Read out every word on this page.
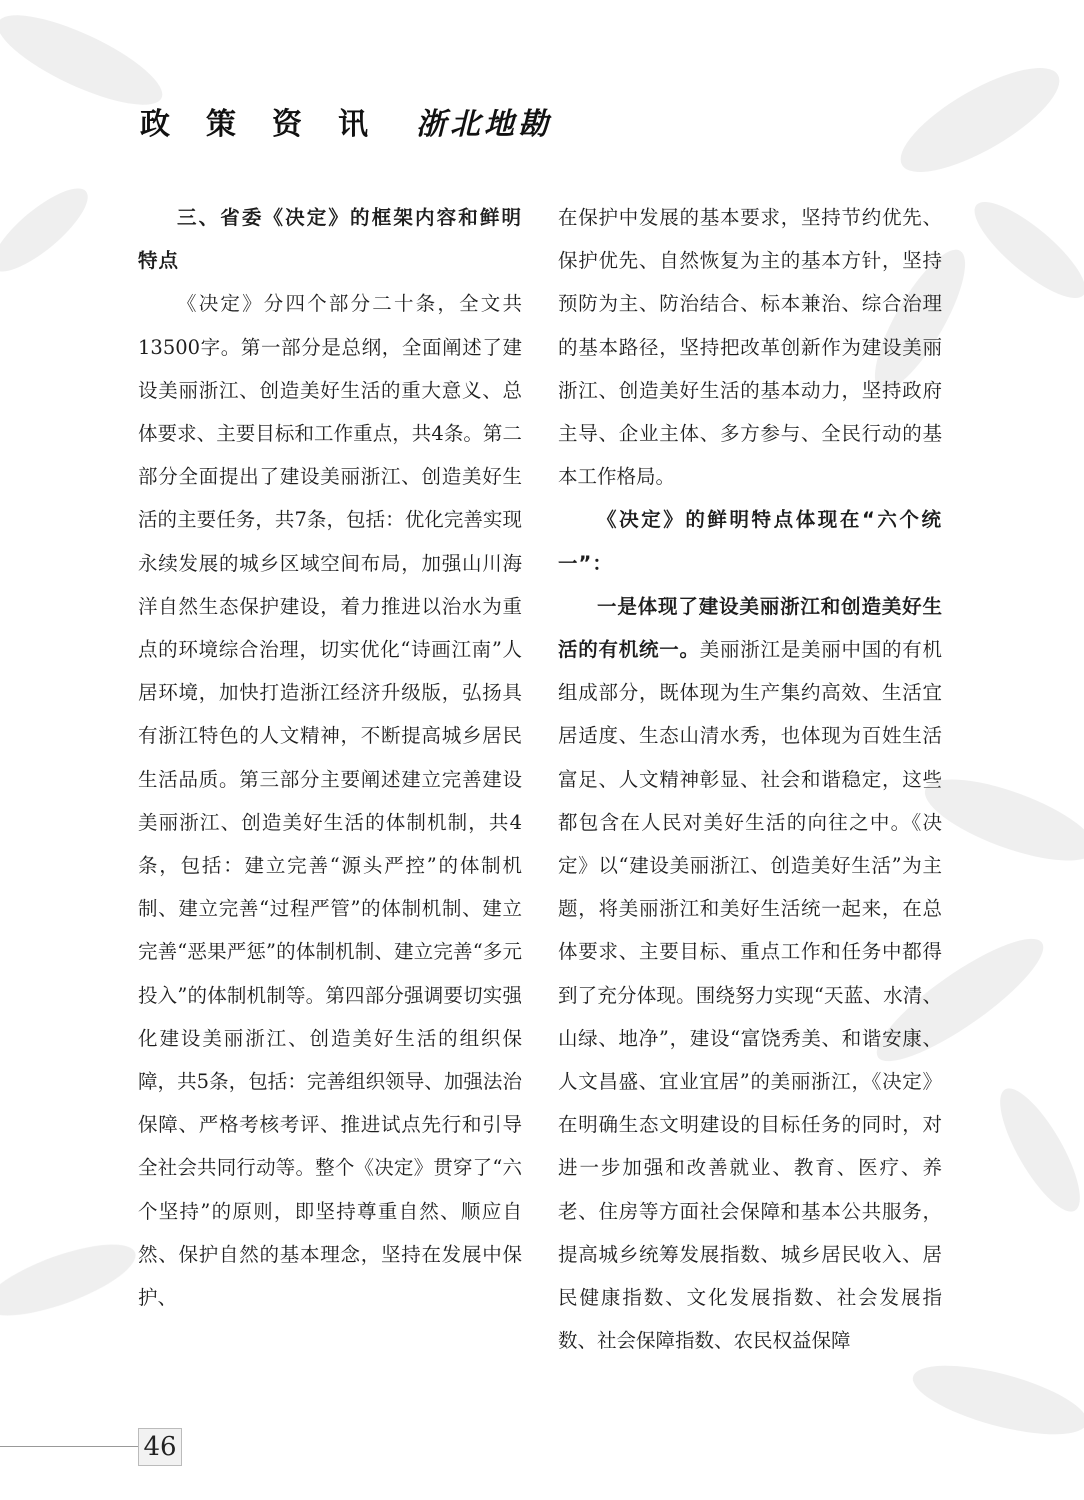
政策资讯 浙北地勘

三、省委《决定》的框架内容和鲜明特点

《决定》分四个部分二十条，全文共13500字。第一部分是总纲，全面阐述了建设美丽浙江、创造美好生活的重大意义、总体要求、主要目标和工作重点，共4条。第二部分全面提出了建设美丽浙江、创造美好生活的主要任务，共7条，包括：优化完善实现永续发展的城乡区域空间布局，加强山川海洋自然生态保护建设，着力推进以治水为重点的环境综合治理，切实优化“诗画江南”人居环境，加快打造浙江经济升级版，弘扬具有浙江特色的人文精神，不断提高城乡居民生活品质。第三部分主要阐述建立完善建设美丽浙江、创造美好生活的体制机制，共4条，包括：建立完善“源头严控”的体制机制、建立完善“过程严管”的体制机制、建立完善“恶果严惩”的体制机制、建立完善“多元投入”的体制机制等。第四部分强调要切实强化建设美丽浙江、创造美好生活的组织保障，共5条，包括：完善组织领导、加强法治保障、严格考核考评、推进试点先行和引导全社会共同行动等。整个《决定》贯穿了“六个坚持”的原则，即坚持尊重自然、顺应自然、保护自然的基本理念，坚持在发展中保护、

在保护中发展的基本要求，坚持节约优先、保护优先、自然恢复为主的基本方针，坚持预防为主、防治结合、标本兼治、综合治理的基本路径，坚持把改革创新作为建设美丽浙江、创造美好生活的基本动力，坚持政府主导、企业主体、多方参与、全民行动的基本工作格局。

《决定》的鲜明特点体现在“六个统一”：

一是体现了建设美丽浙江和创造美好生活的有机统一。美丽浙江是美丽中国的有机组成部分，既体现为生产集约高效、生活宜居适度、生态山清水秀，也体现为百姓生活富足、人文精神彰显、社会和谐稳定，这些都包含在人民对美好生活的向往之中。《决定》以“建设美丽浙江、创造美好生活”为主题，将美丽浙江和美好生活统一起来，在总体要求、主要目标、重点工作和任务中都得到了充分体现。围绕努力实现“天蓝、水清、山绿、地净”，建设“富饶秀美、和谐安康、人文昌盛、宜业宜居”的美丽浙江，《决定》在明确生态文明建设的目标任务的同时，对进一步加强和改善就业、教育、医疗、养老、住房等方面社会保障和基本公共服务，提高城乡统筹发展指数、城乡居民收入、居民健康指数、文化发展指数、社会发展指数、社会保障指数、农民权益保障

46
